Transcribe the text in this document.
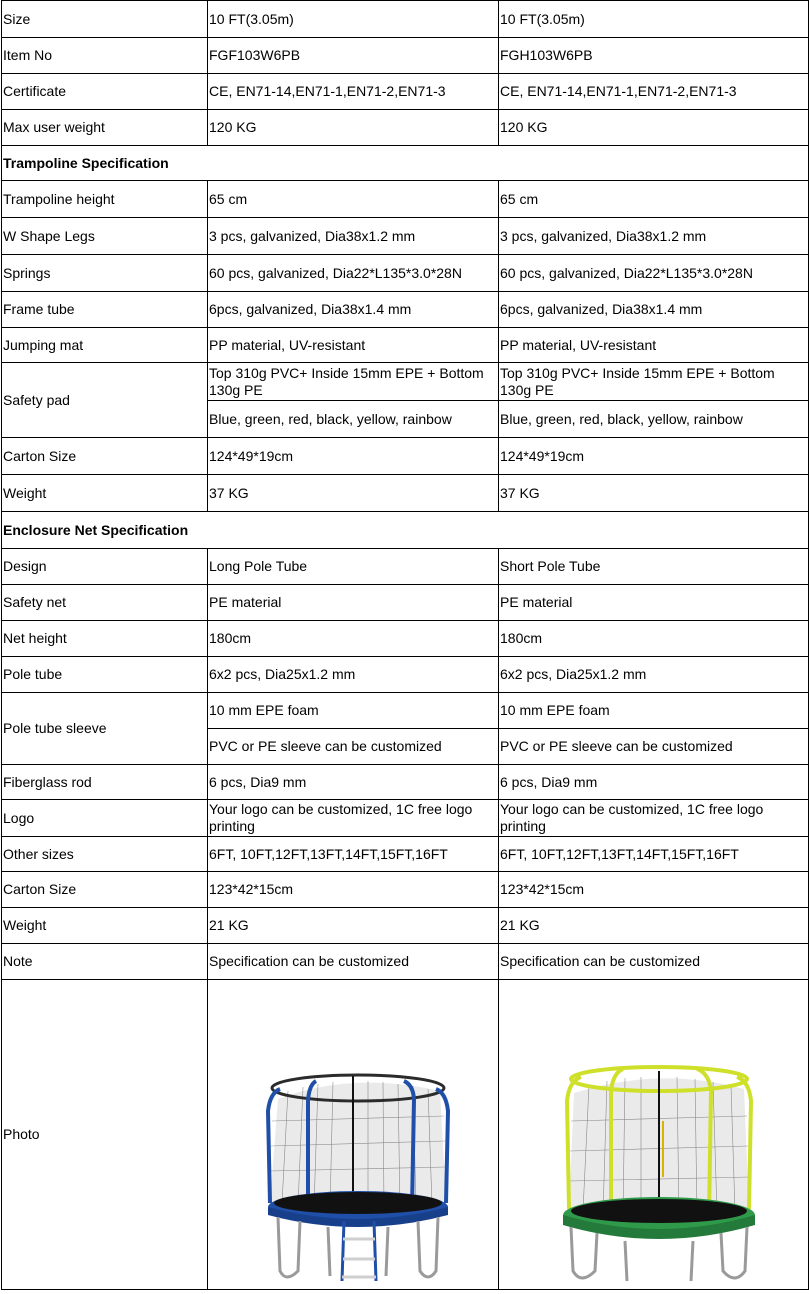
Size	10 FT(3.05m)	10 FT(3.05m)
Item No	FGF103W6PB	FGH103W6PB
Certificate	CE, EN71-14,EN71-1,EN71-2,EN71-3	CE, EN71-14,EN71-1,EN71-2,EN71-3
Max user weight	120 KG	120 KG
Trampoline Specification		
Trampoline height	65 cm	65 cm
W Shape Legs	3 pcs, galvanized, Dia38x1.2 mm	3 pcs, galvanized, Dia38x1.2 mm
Springs	60 pcs, galvanized, Dia22*L135*3.0*28N	60 pcs, galvanized, Dia22*L135*3.0*28N
Frame tube	6pcs, galvanized, Dia38x1.4 mm	6pcs, galvanized, Dia38x1.4 mm
Jumping mat	PP material, UV-resistant	PP material, UV-resistant
Safety pad	Top 310g PVC+ Inside 15mm EPE + Bottom 130g PE	Top 310g PVC+ Inside 15mm EPE + Bottom 130g PE
	Blue, green, red, black, yellow, rainbow	Blue, green, red, black, yellow, rainbow
Carton Size	124*49*19cm	124*49*19cm
Weight	37 KG	37 KG
Enclosure Net Specification		
Design	Long Pole Tube	Short Pole Tube
Safety net	PE material	PE material
Net height	180cm	180cm
Pole tube	6x2 pcs, Dia25x1.2 mm	6x2 pcs, Dia25x1.2 mm
Pole tube sleeve	10 mm EPE foam	10 mm EPE foam
	PVC or PE sleeve can be customized	PVC or PE sleeve can be customized
Fiberglass rod	6 pcs, Dia9 mm	6 pcs, Dia9 mm
Logo	Your logo can be customized, 1C free logo printing	Your logo can be customized, 1C free logo printing
Other sizes	6FT, 10FT,12FT,13FT,14FT,15FT,16FT	6FT, 10FT,12FT,13FT,14FT,15FT,16FT
Carton Size	123*42*15cm	123*42*15cm
Weight	21 KG	21 KG
Note	Specification can be customized	Specification can be customized
Photo	
